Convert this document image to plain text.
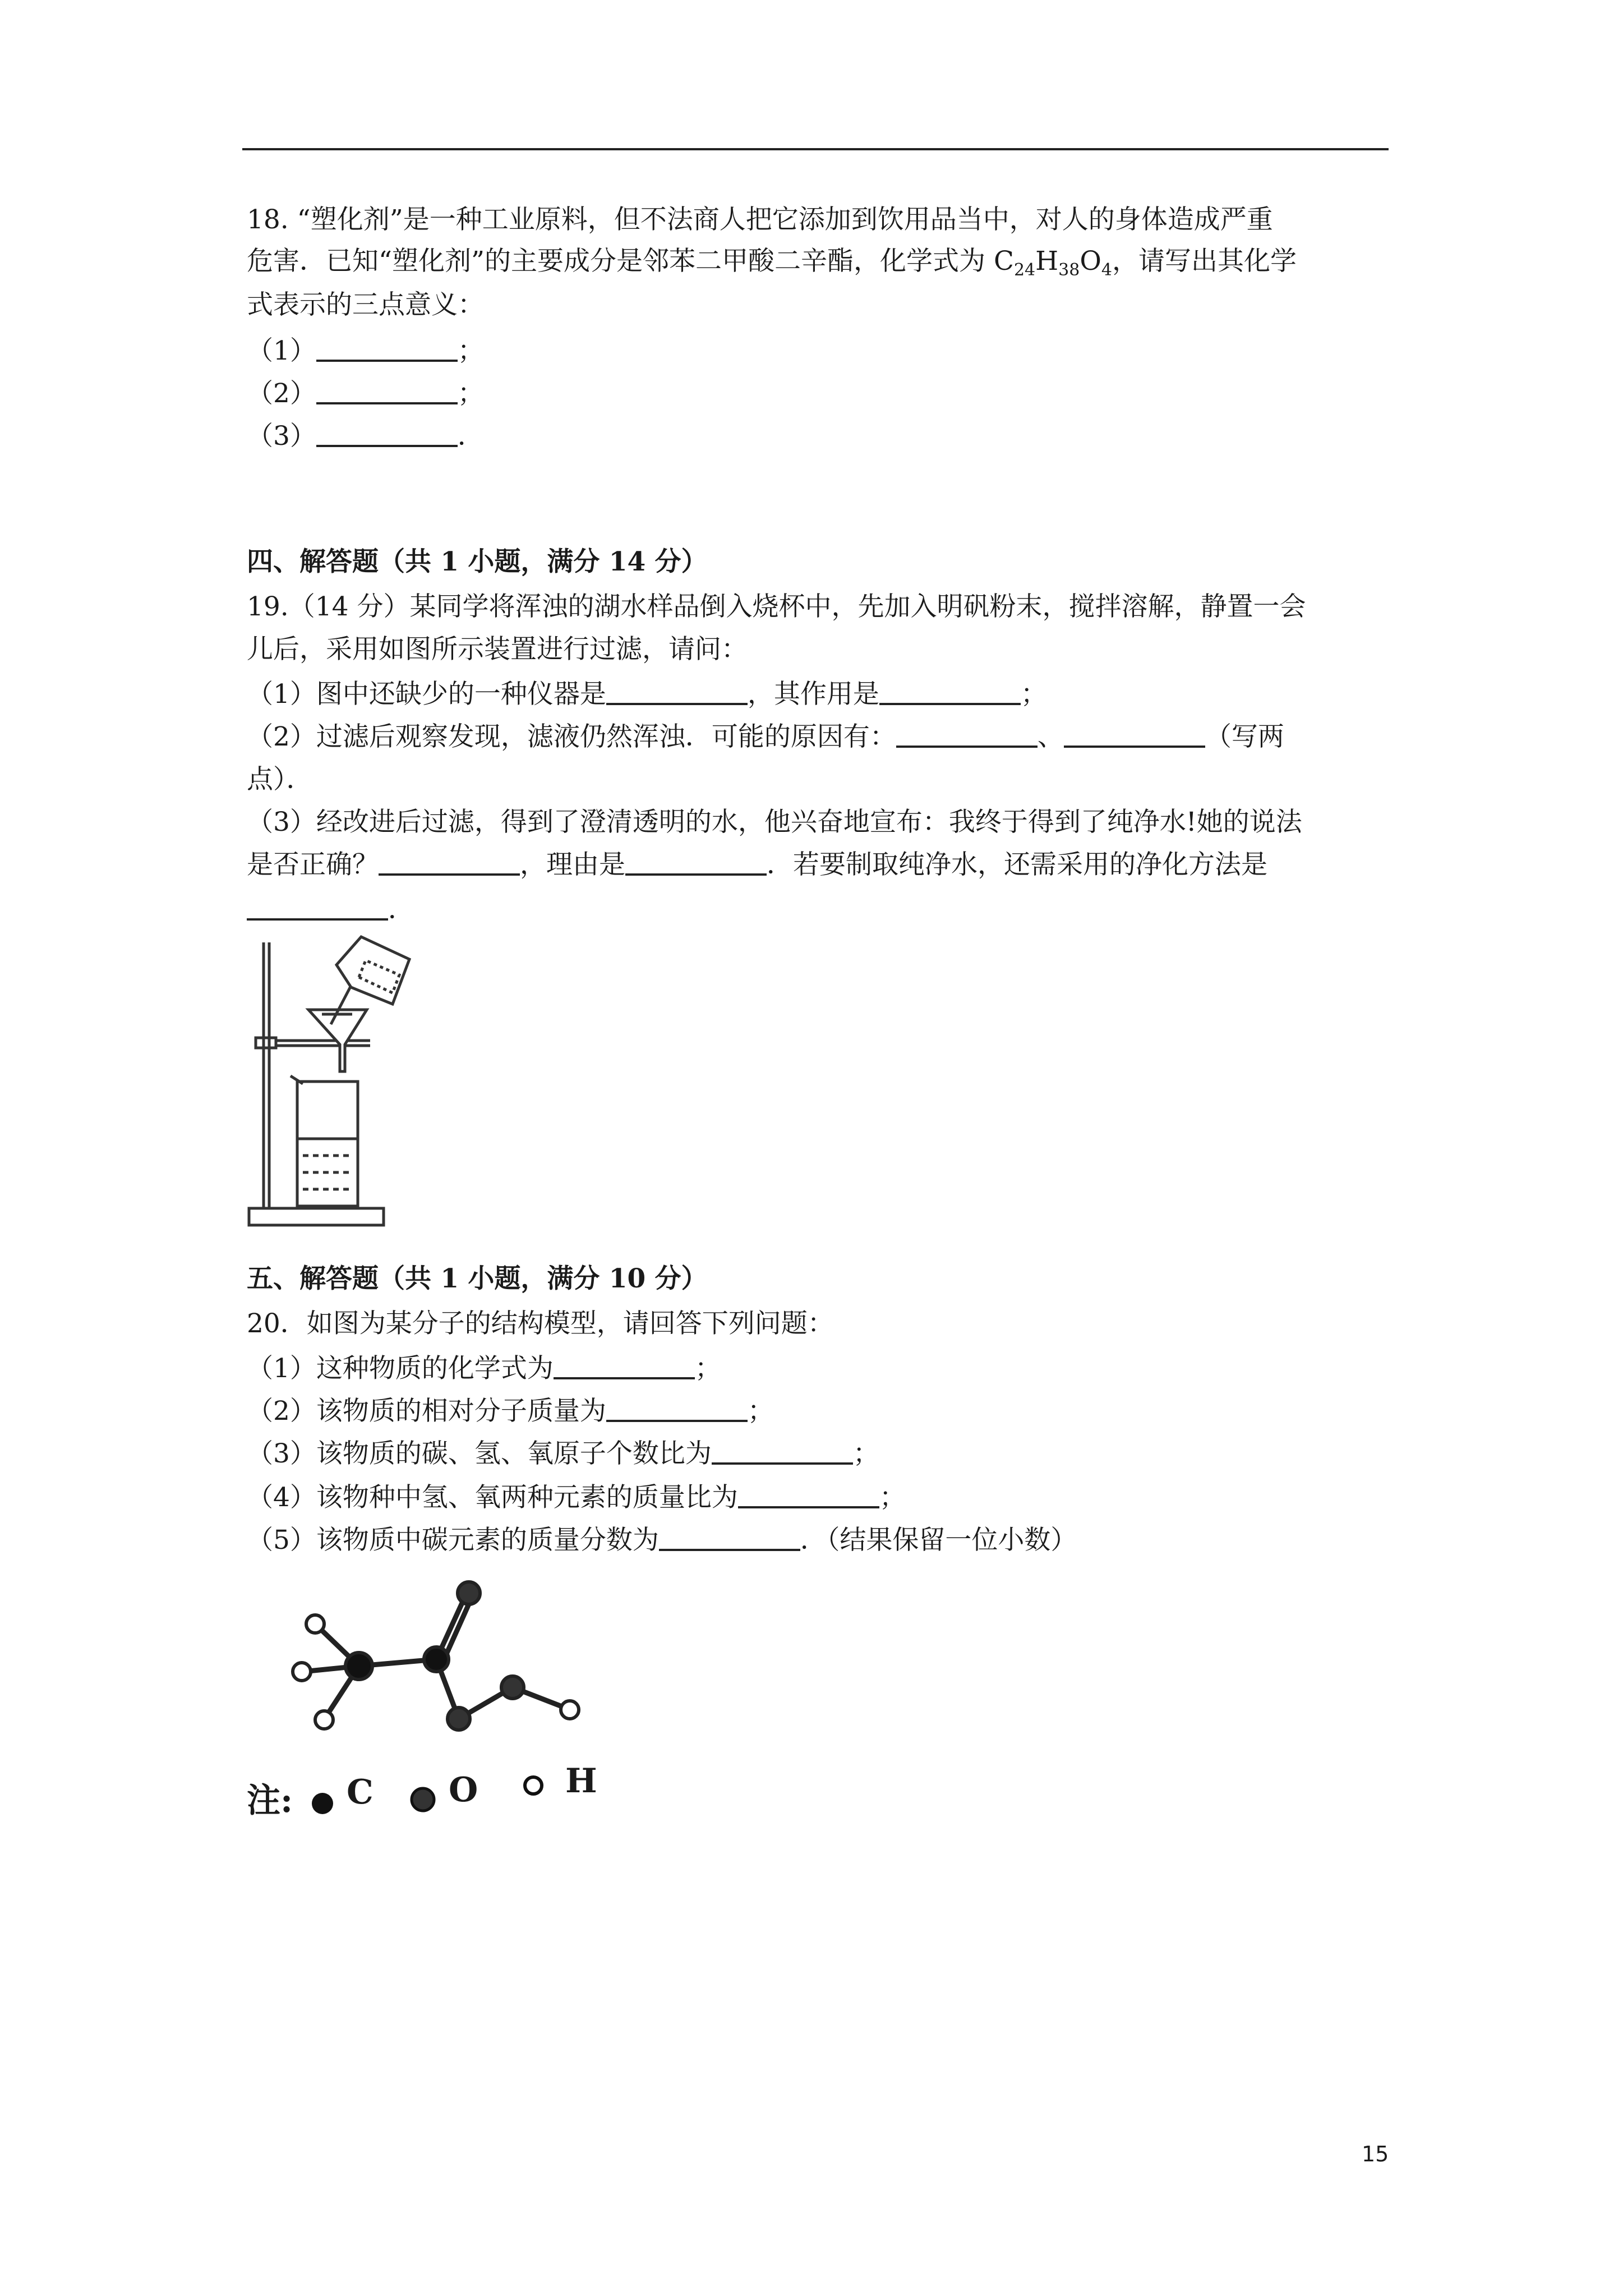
18. “塑化剂”是一种工业原料，但不法商人把它添加到饮用品当中，对人的身体造成严重
危害．已知“塑化剂”的主要成分是邻苯二甲酸二辛酯，化学式为 $C_{24}H_{38}O_4$，请写出其化学
式表示的三点意义：
（1）	；
（2）	；
（3）	．
四、解答题（共 1 小题，满分 14 分）
19.（14 分）某同学将浑浊的湖水样品倒入烧杯中，先加入明矾粉末，搅拌溶解，静置一会
儿后，采用如图所示装置进行过滤，请问：
（1）图中还缺少的一种仪器是	，其作用是	；
（2）过滤后观察发现，滤液仍然浑浊．可能的原因有：	、	（写两
点）．
（3）经改进后过滤，得到了澄清透明的水，他兴奋地宣布：我终于得到了纯净水!她的说法
是否正确？	，理由是	．若要制取纯净水，还需采用的净化方法是
．
五、解答题（共 1 小题，满分 10 分）
20．如图为某分子的结构模型，请回答下列问题：
（1）这种物质的化学式为	；
（2）该物质的相对分子质量为	；
（3）该物质的碳、氢、氧原子个数比为	；
（4）该物种中氢、氧两种元素的质量比为	；
（5）该物质中碳元素的质量分数为	．（结果保留一位小数）
注: C O	H
15
